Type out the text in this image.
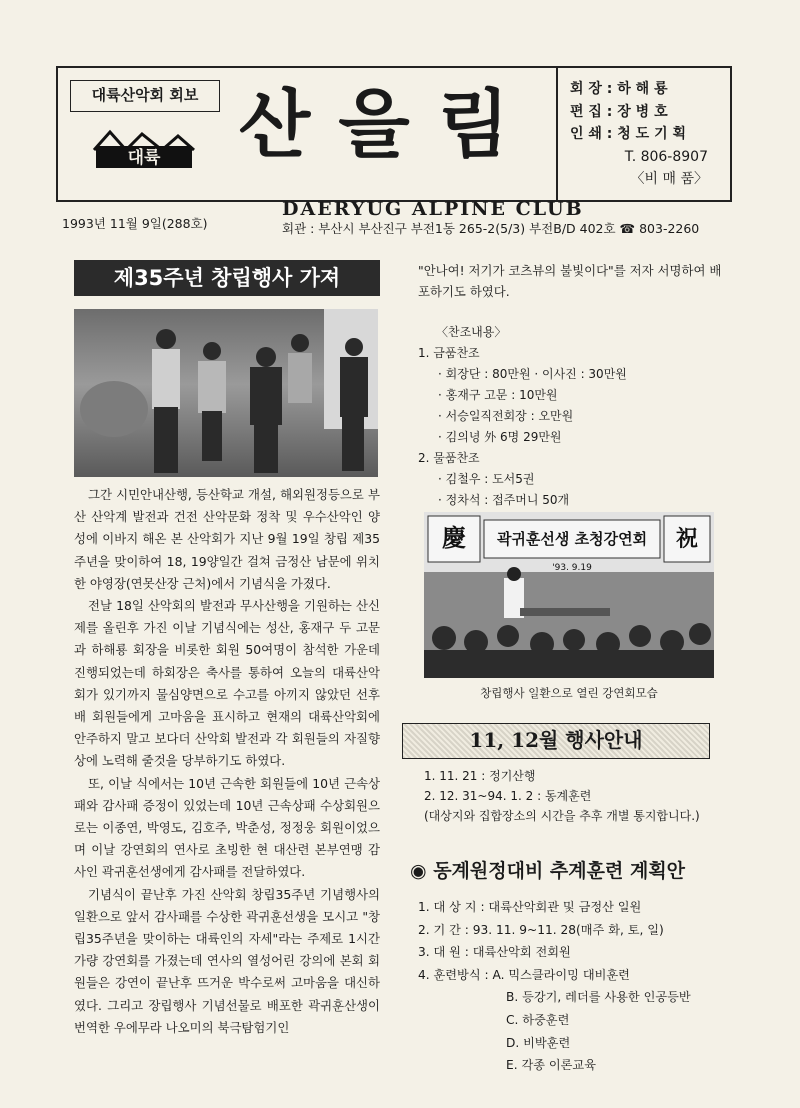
대륙산악회 회보
대륙 산을림 회 장 : 하 해 룡
편 집 : 장 병 호
인 쇄 : 청 도 기 획
T. 806-8907
〈비 매 품〉
1993년 11월 9일(288호)
DAERYUG ALPINE CLUB
회관 : 부산시 부산진구 부전1동 265-2(5/3) 부전B/D 402호 ☎ 803-2260
제35주년 창립행사 가져

그간 시민안내산행, 등산학교 개설, 해외원정등으로 부산 산악계 발전과 건전 산악문화 정착 및 우수산악인 양성에 이바지 해온 본 산악회가 지난 9월 19일 창립 제35주년을 맞이하여 18, 19양일간 걸쳐 금정산 남문에 위치한 야영장(연못산장 근처)에서 기념식을 가졌다.

전날 18일 산악회의 발전과 무사산행을 기원하는 산신제를 올린후 가진 이날 기념식에는 성산, 홍재구 두 고문과 하해룡 회장을 비롯한 회원 50여명이 참석한 가운데 진행되었는데 하회장은 축사를 통하여 오늘의 대륙산악회가 있기까지 물심양면으로 수고를 아끼지 않았던 선후배 회원들에게 고마움을 표시하고 현재의 대륙산악회에 안주하지 말고 보다더 산악회 발전과 각 회원들의 자질향상에 노력해 줄것을 당부하기도 하였다.

또, 이날 식에서는 10년 근속한 회원들에 10년 근속상패와 감사패 증정이 있었는데 10년 근속상패 수상회원으로는 이종연, 박영도, 김호주, 박춘성, 정정웅 회원이었으며 이날 강연회의 연사로 초빙한 현 대산련 본부연맹 감사인 곽귀훈선생에게 감사패를 전달하였다.

기념식이 끝난후 가진 산악회 창립35주년 기념행사의 일환으로 앞서 감사패를 수상한 곽귀훈선생을 모시고 "창립35주년을 맞이하는 대륙인의 자세"라는 주제로 1시간 가량 강연회를 가졌는데 연사의 열성어린 강의에 본회 회원들은 강연이 끝난후 뜨거운 박수로써 고마움을 대신하였다. 그리고 장립행사 기념선물로 배포한 곽귀훈산생이 번역한 우에무라 나오미의 북극탐험기인

"안나여! 저기가 코츠뷰의 불빛이다"를 저자 서명하여 배포하기도 하였다.

〈찬조내용〉
1. 금품찬조
· 회장단 : 80만원 · 이사진 : 30만원
· 홍재구 고문 : 10만원
· 서승일직전회장 : 오만원
· 김의녕 外 6명 29만원
2. 물품찬조
· 김철우 : 도서5권
· 정차석 : 접주머니 50개
慶 곽귀훈선생 초청강연회
'93. 9.19
祝
창립행사 일환으로 열린 강연회모습
11, 12월 행사안내
1. 11. 21 : 정기산행
2. 12. 31~94. 1. 2 : 동계훈련
(대상지와 집합장소의 시간을 추후 개별 통지합니다.)
◉ 동계원정대비 추계훈련 계획안
1. 대 상 지 : 대륙산악회관 및 금정산 일원
2. 기 간 : 93. 11. 9~11. 28(매주 화, 토, 일)
3. 대 원 : 대륙산악회 전회원
4. 훈련방식 : A. 믹스클라이밍 대비훈련
B. 등강기, 레더를 사용한 인공등반
C. 하중훈련
D. 비박훈련
E. 각종 이론교육
